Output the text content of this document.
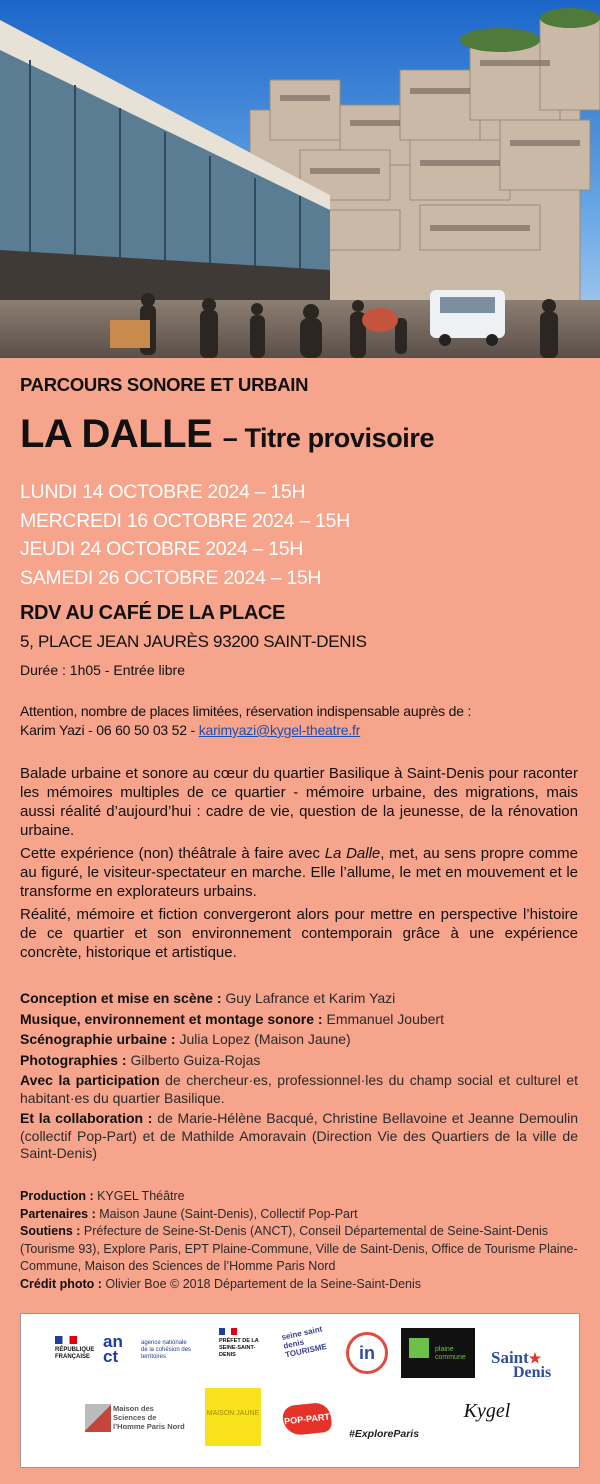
PARCOURS SONORE ET URBAIN
LA DALLE – Titre provisoire
LUNDI 14 OCTOBRE 2024 – 15H
MERCREDI 16 OCTOBRE 2024 – 15H
JEUDI 24 OCTOBRE 2024 – 15H
SAMEDI 26 OCTOBRE 2024 – 15H
RDV AU CAFÉ DE LA PLACE
5, PLACE JEAN JAURÈS 93200 SAINT-DENIS
Durée : 1h05 - Entrée libre
Attention, nombre de places limitées, réservation indispensable auprès de :
Karim Yazi - 06 60 50 03 52 - karimyazi@kygel-theatre.fr

Balade urbaine et sonore au cœur du quartier Basilique à Saint-Denis pour raconter les mémoires multiples de ce quartier - mémoire urbaine, des migrations, mais aussi réalité d’aujourd’hui : cadre de vie, question de la jeunesse, de la rénovation urbaine.

Cette expérience (non) théâtrale à faire avec La Dalle, met, au sens propre comme au figuré, le visiteur-spectateur en marche. Elle l’allume, le met en mouvement et le transforme en explorateurs urbains.

Réalité, mémoire et fiction convergeront alors pour mettre en perspective l’histoire de ce quartier et son environnement contemporain grâce à une expérience concrète, historique et artistique.

Conception et mise en scène : Guy Lafrance et Karim Yazi

Musique, environnement et montage sonore : Emmanuel Joubert

Scénographie urbaine : Julia Lopez (Maison Jaune)

Photographies : Gilberto Guiza-Rojas

Avec la participation de chercheur·es, professionnel·les du champ social et culturel et habitant·es du quartier Basilique.

Et la collaboration : de Marie-Hélène Bacqué, Christine Bellavoine et Jeanne Demoulin (collectif Pop-Part) et de Mathilde Amoravain (Direction Vie des Quartiers de la ville de Saint-Denis)

Production : KYGEL Théâtre

Partenaires : Maison Jaune (Saint-Denis), Collectif Pop-Part

Soutiens : Préfecture de Seine-St-Denis (ANCT), Conseil Départemental de Seine-Saint-Denis (Tourisme 93), Explore Paris, EPT Plaine-Commune, Ville de Saint-Denis, Office de Tourisme Plaine-Commune, Maison des Sciences de l’Homme Paris Nord

Crédit photo : Olivier Boe © 2018 Département de la Seine-Saint-Denis

RÉPUBLIQUE FRANÇAISE
an ct
agence nationale de la cohésion des territoires
PRÉFET DE LA SEINE-SAINT-DENIS
seine saint denis TOURISME	in	plaine commune	Saint★
Denis
Maison des Sciences de l’Homme Paris Nord
MAISON JAUNE	POP-PART
#ExploreParis
Kygel
